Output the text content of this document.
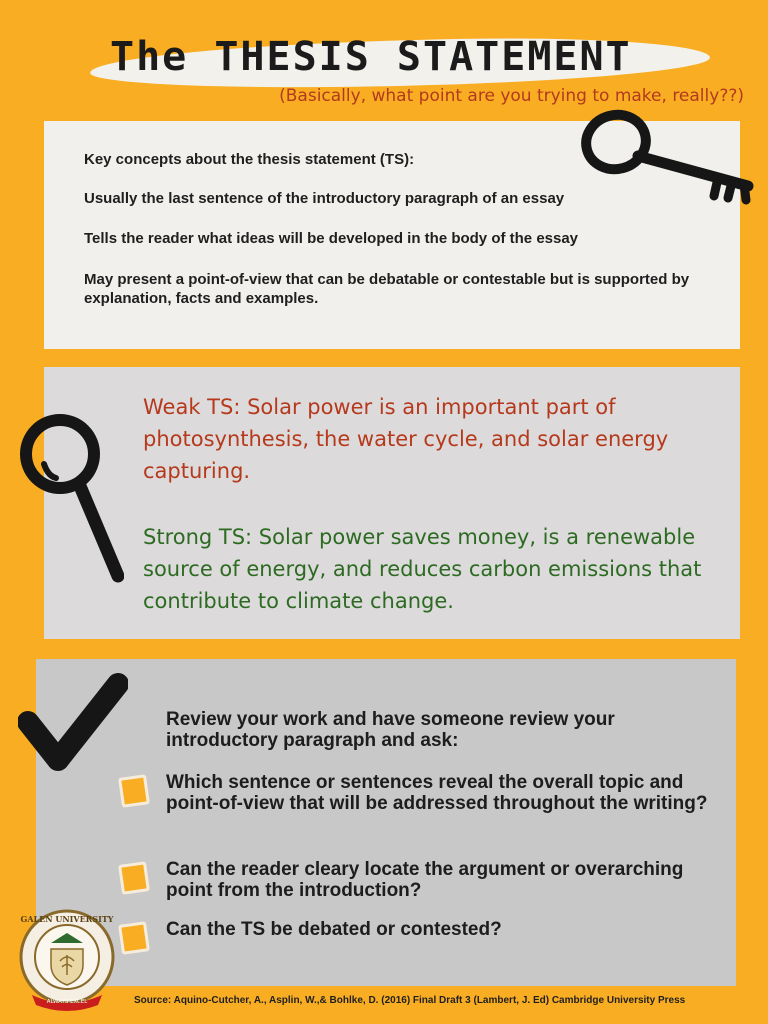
The THESIS STATEMENT

(Basically, what point are you trying to make, really??)

Key concepts about the thesis statement (TS):

Usually the last sentence of the introductory paragraph of an essay

Tells the reader what ideas will be developed in the body of the essay

May present a point-of-view that can be debatable or contestable but is supported by explanation, facts and examples.

Weak TS: Solar power is an important part of photosynthesis, the water cycle, and solar energy capturing.

Strong TS: Solar power saves money, is a renewable source of energy, and reduces carbon emissions that contribute to climate change.

Review your work and have someone review your introductory paragraph and ask:

Which sentence or sentences reveal the overall topic and point-of-view that will be addressed throughout the writing?

Can the reader cleary locate the argument or overarching point from the introduction?

Can the TS be debated or contested?

GALEN UNIVERSITY
ALWAYS EXCEL	Source: Aquino-Cutcher, A., Asplin, W.,& Bohlke, D. (2016) Final Draft 3 (Lambert, J. Ed) Cambridge University Press
